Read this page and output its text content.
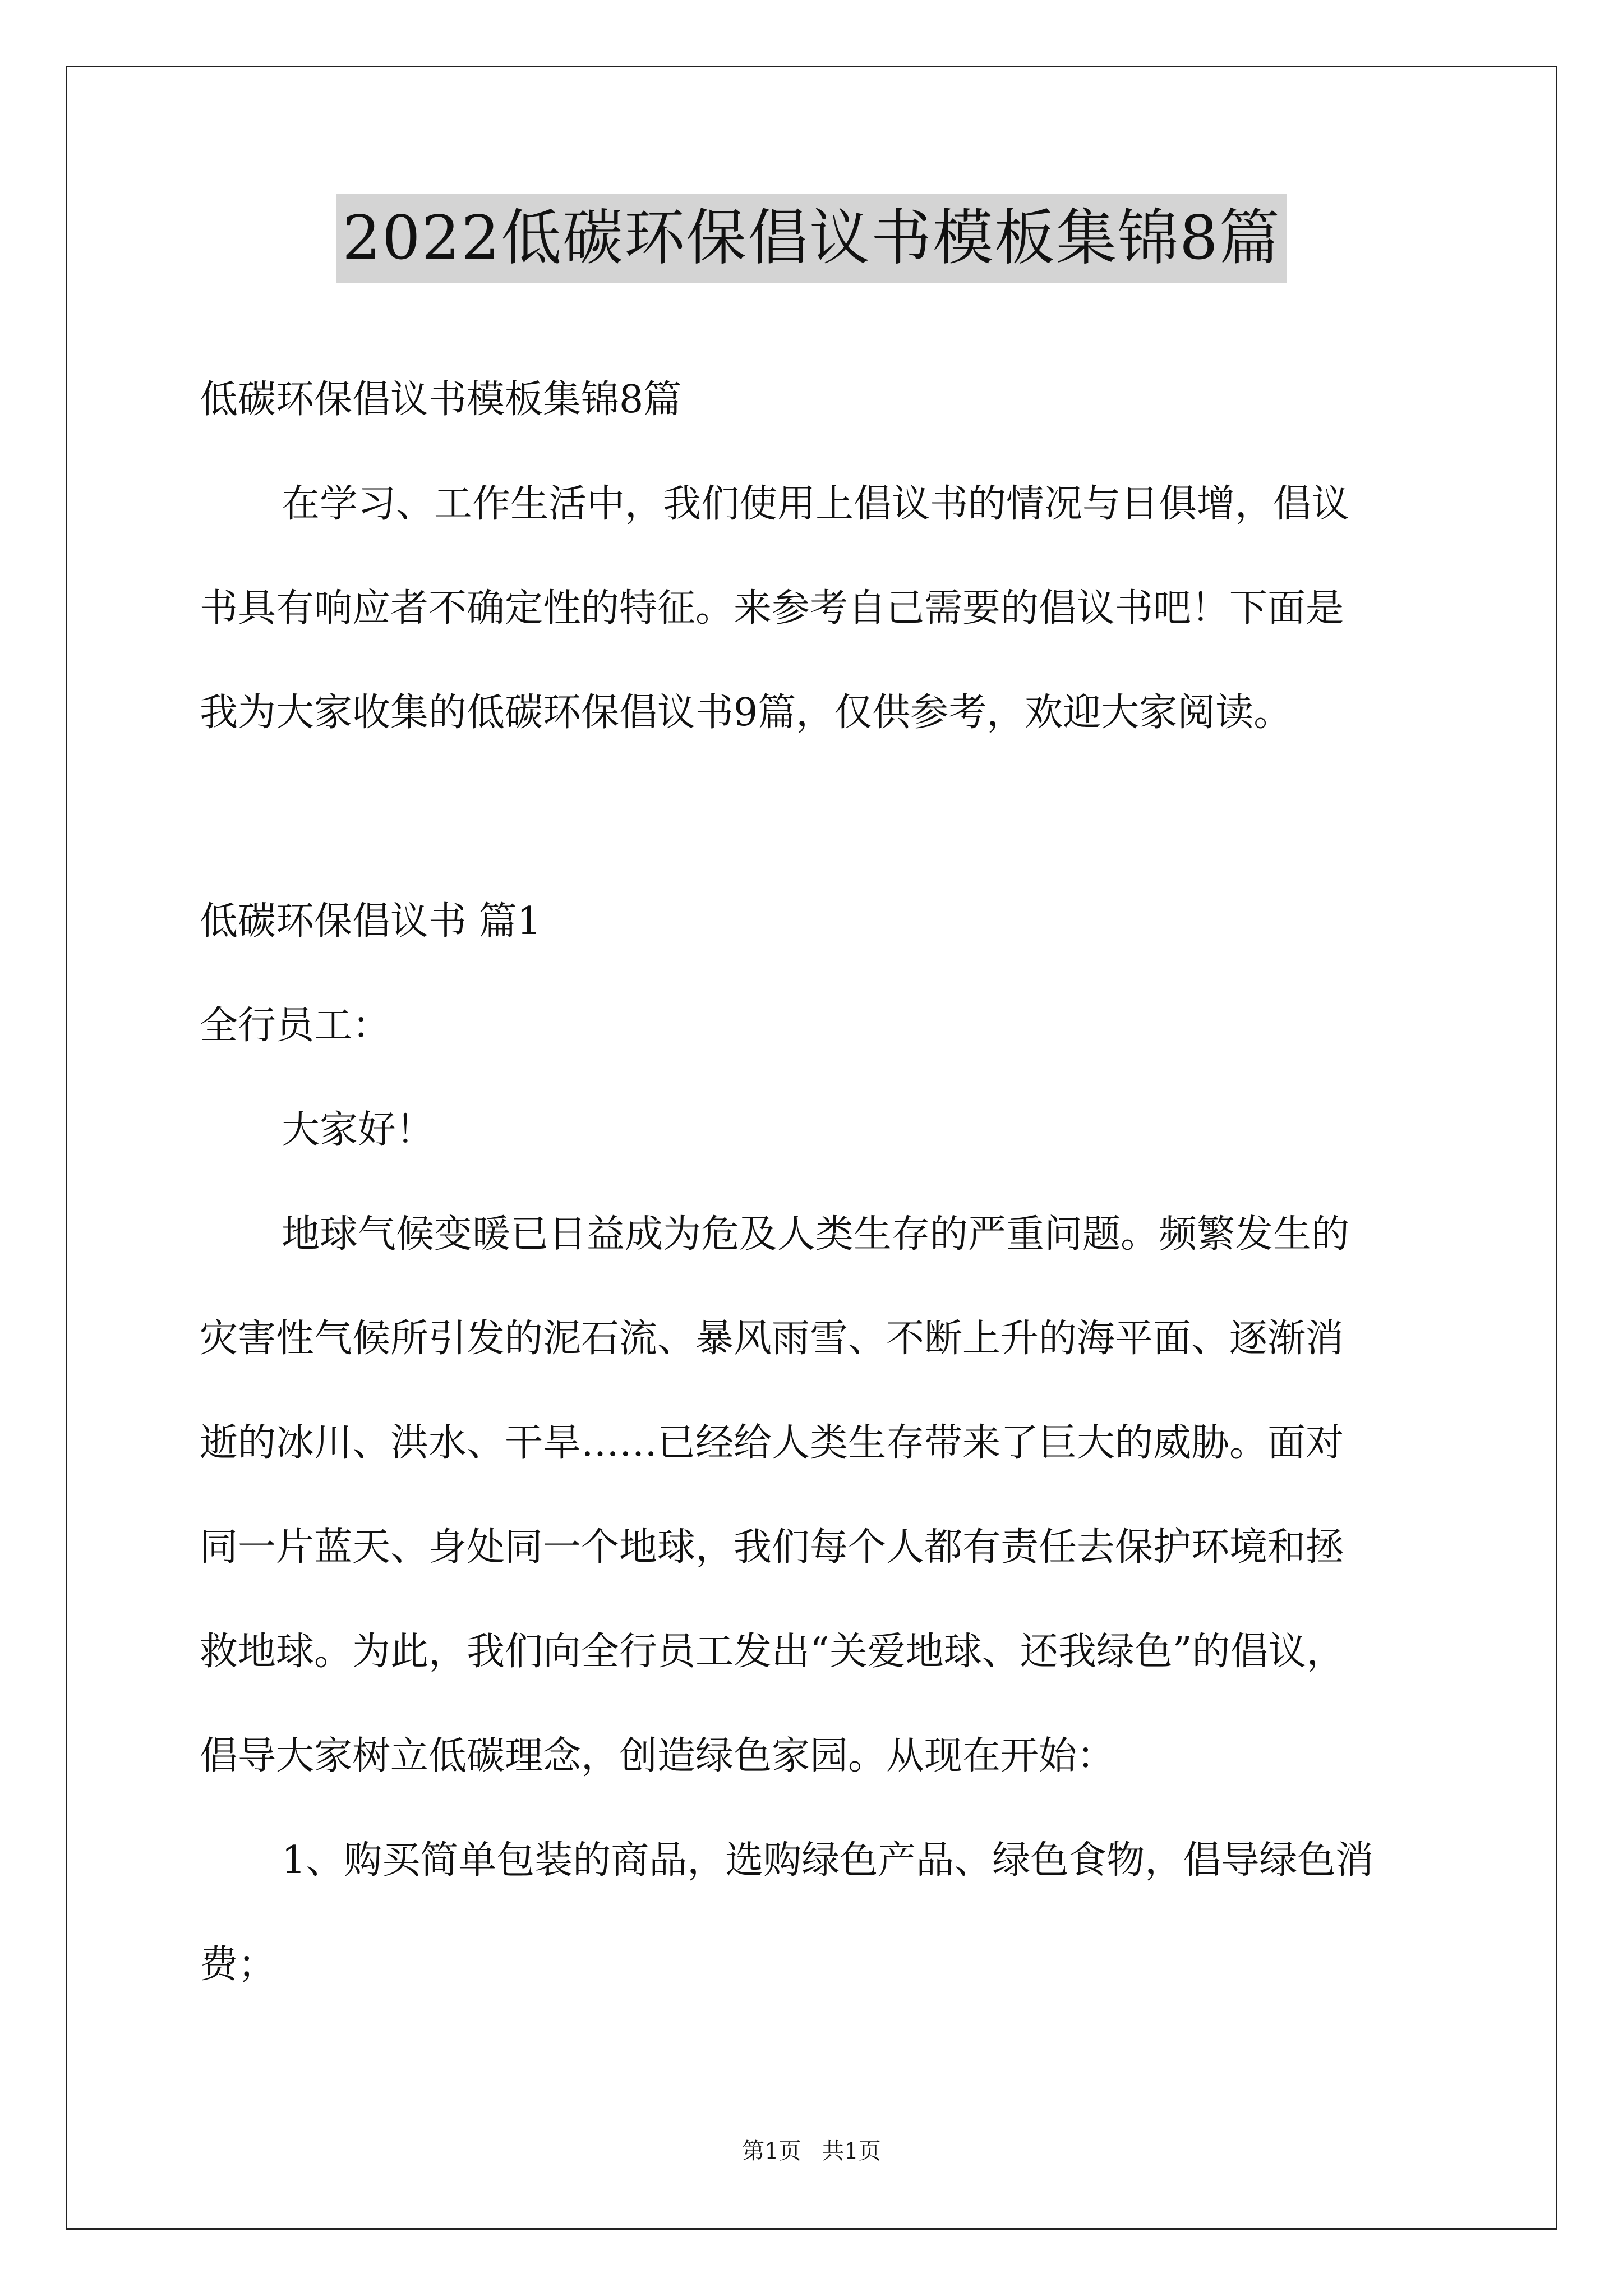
2022低碳环保倡议书模板集锦8篇

低碳环保倡议书模板集锦8篇

在学习、工作生活中，我们使用上倡议书的情况与日俱增，倡议

书具有响应者不确定性的特征。来参考自己需要的倡议书吧！下面是

我为大家收集的低碳环保倡议书9篇，仅供参考，欢迎大家阅读。

低碳环保倡议书 篇1

全行员工：

大家好！

地球气候变暖已日益成为危及人类生存的严重问题。频繁发生的

灾害性气候所引发的泥石流、暴风雨雪、不断上升的海平面、逐渐消

逝的冰川、洪水、干旱……已经给人类生存带来了巨大的威胁。面对

同一片蓝天、身处同一个地球，我们每个人都有责任去保护环境和拯

救地球。为此，我们向全行员工发出“关爱地球、还我绿色”的倡议，

倡导大家树立低碳理念，创造绿色家园。从现在开始：

1、购买简单包装的商品，选购绿色产品、绿色食物，倡导绿色消

费；

第1页 共1页
